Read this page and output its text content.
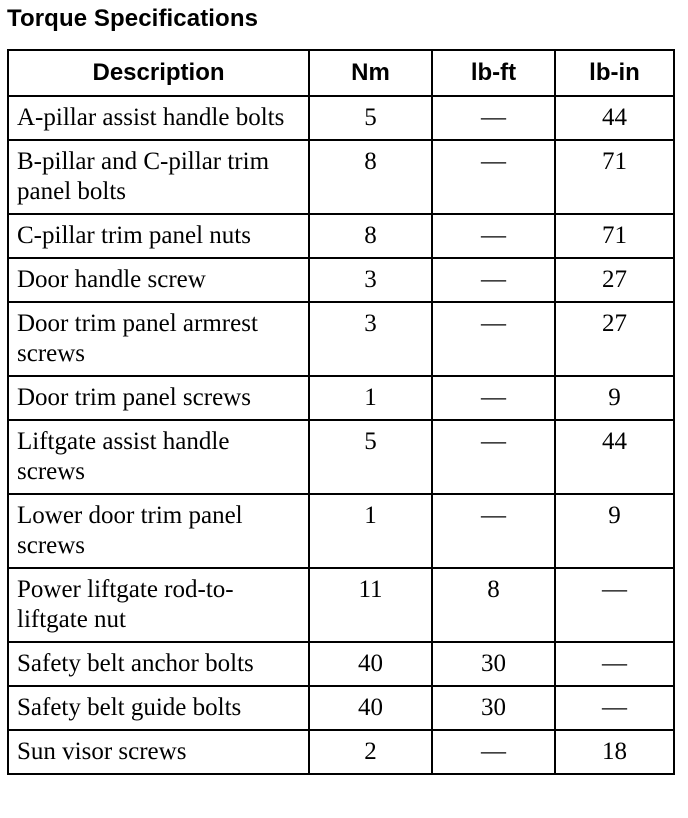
Torque Specifications
Description	Nm	lb-ft	lb-in
A-pillar assist handle bolts	5	—	44
B-pillar and C-pillar trim panel bolts	8	—	71
C-pillar trim panel nuts	8	—	71
Door handle screw	3	—	27
Door trim panel armrest screws	3	—	27
Door trim panel screws	1	—	9
Liftgate assist handle screws	5	—	44
Lower door trim panel screws	1	—	9
Power liftgate rod-to-liftgate nut	11	8	—
Safety belt anchor bolts	40	30	—
Safety belt guide bolts	40	30	—
Sun visor screws	2	—	18
